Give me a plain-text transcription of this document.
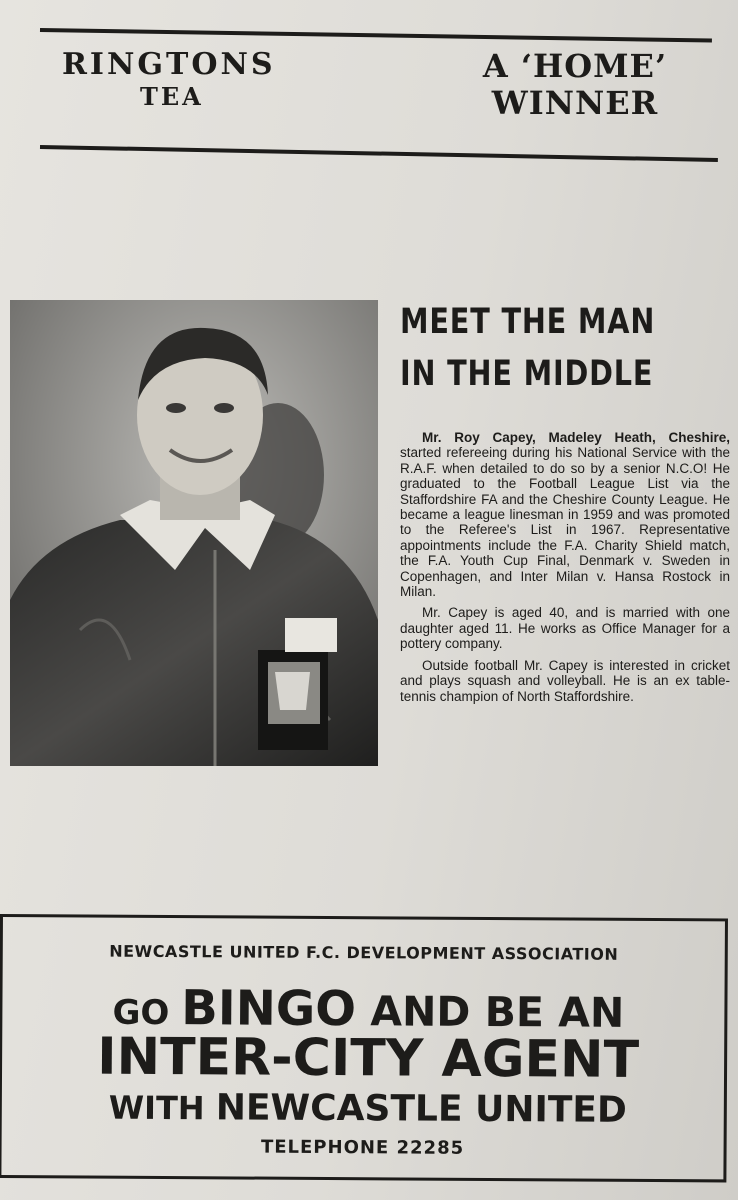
RINGTONS
TEA
A ‘HOME’
WINNER
MEET THE MAN
IN THE MIDDLE

Mr. Roy Capey, Madeley Heath, Cheshire, started refereeing during his National Service with the R.A.F. when detailed to do so by a senior N.C.O! He graduated to the Football League List via the Staffordshire FA and the Cheshire County League. He became a league linesman in 1959 and was promoted to the Referee's List in 1967. Representative appointments include the F.A. Charity Shield match, the F.A. Youth Cup Final, Denmark v. Sweden in Copenhagen, and Inter Milan v. Hansa Rostock in Milan.

Mr. Capey is aged 40, and is married with one daughter aged 11. He works as Office Manager for a pottery company.

Outside football Mr. Capey is interested in cricket and plays squash and volleyball. He is an ex table-tennis champion of North Staffordshire.

NEWCASTLE UNITED F.C. DEVELOPMENT ASSOCIATION
GO BINGO AND BE AN
INTER-CITY AGENT
WITH NEWCASTLE UNITED
TELEPHONE 22285
